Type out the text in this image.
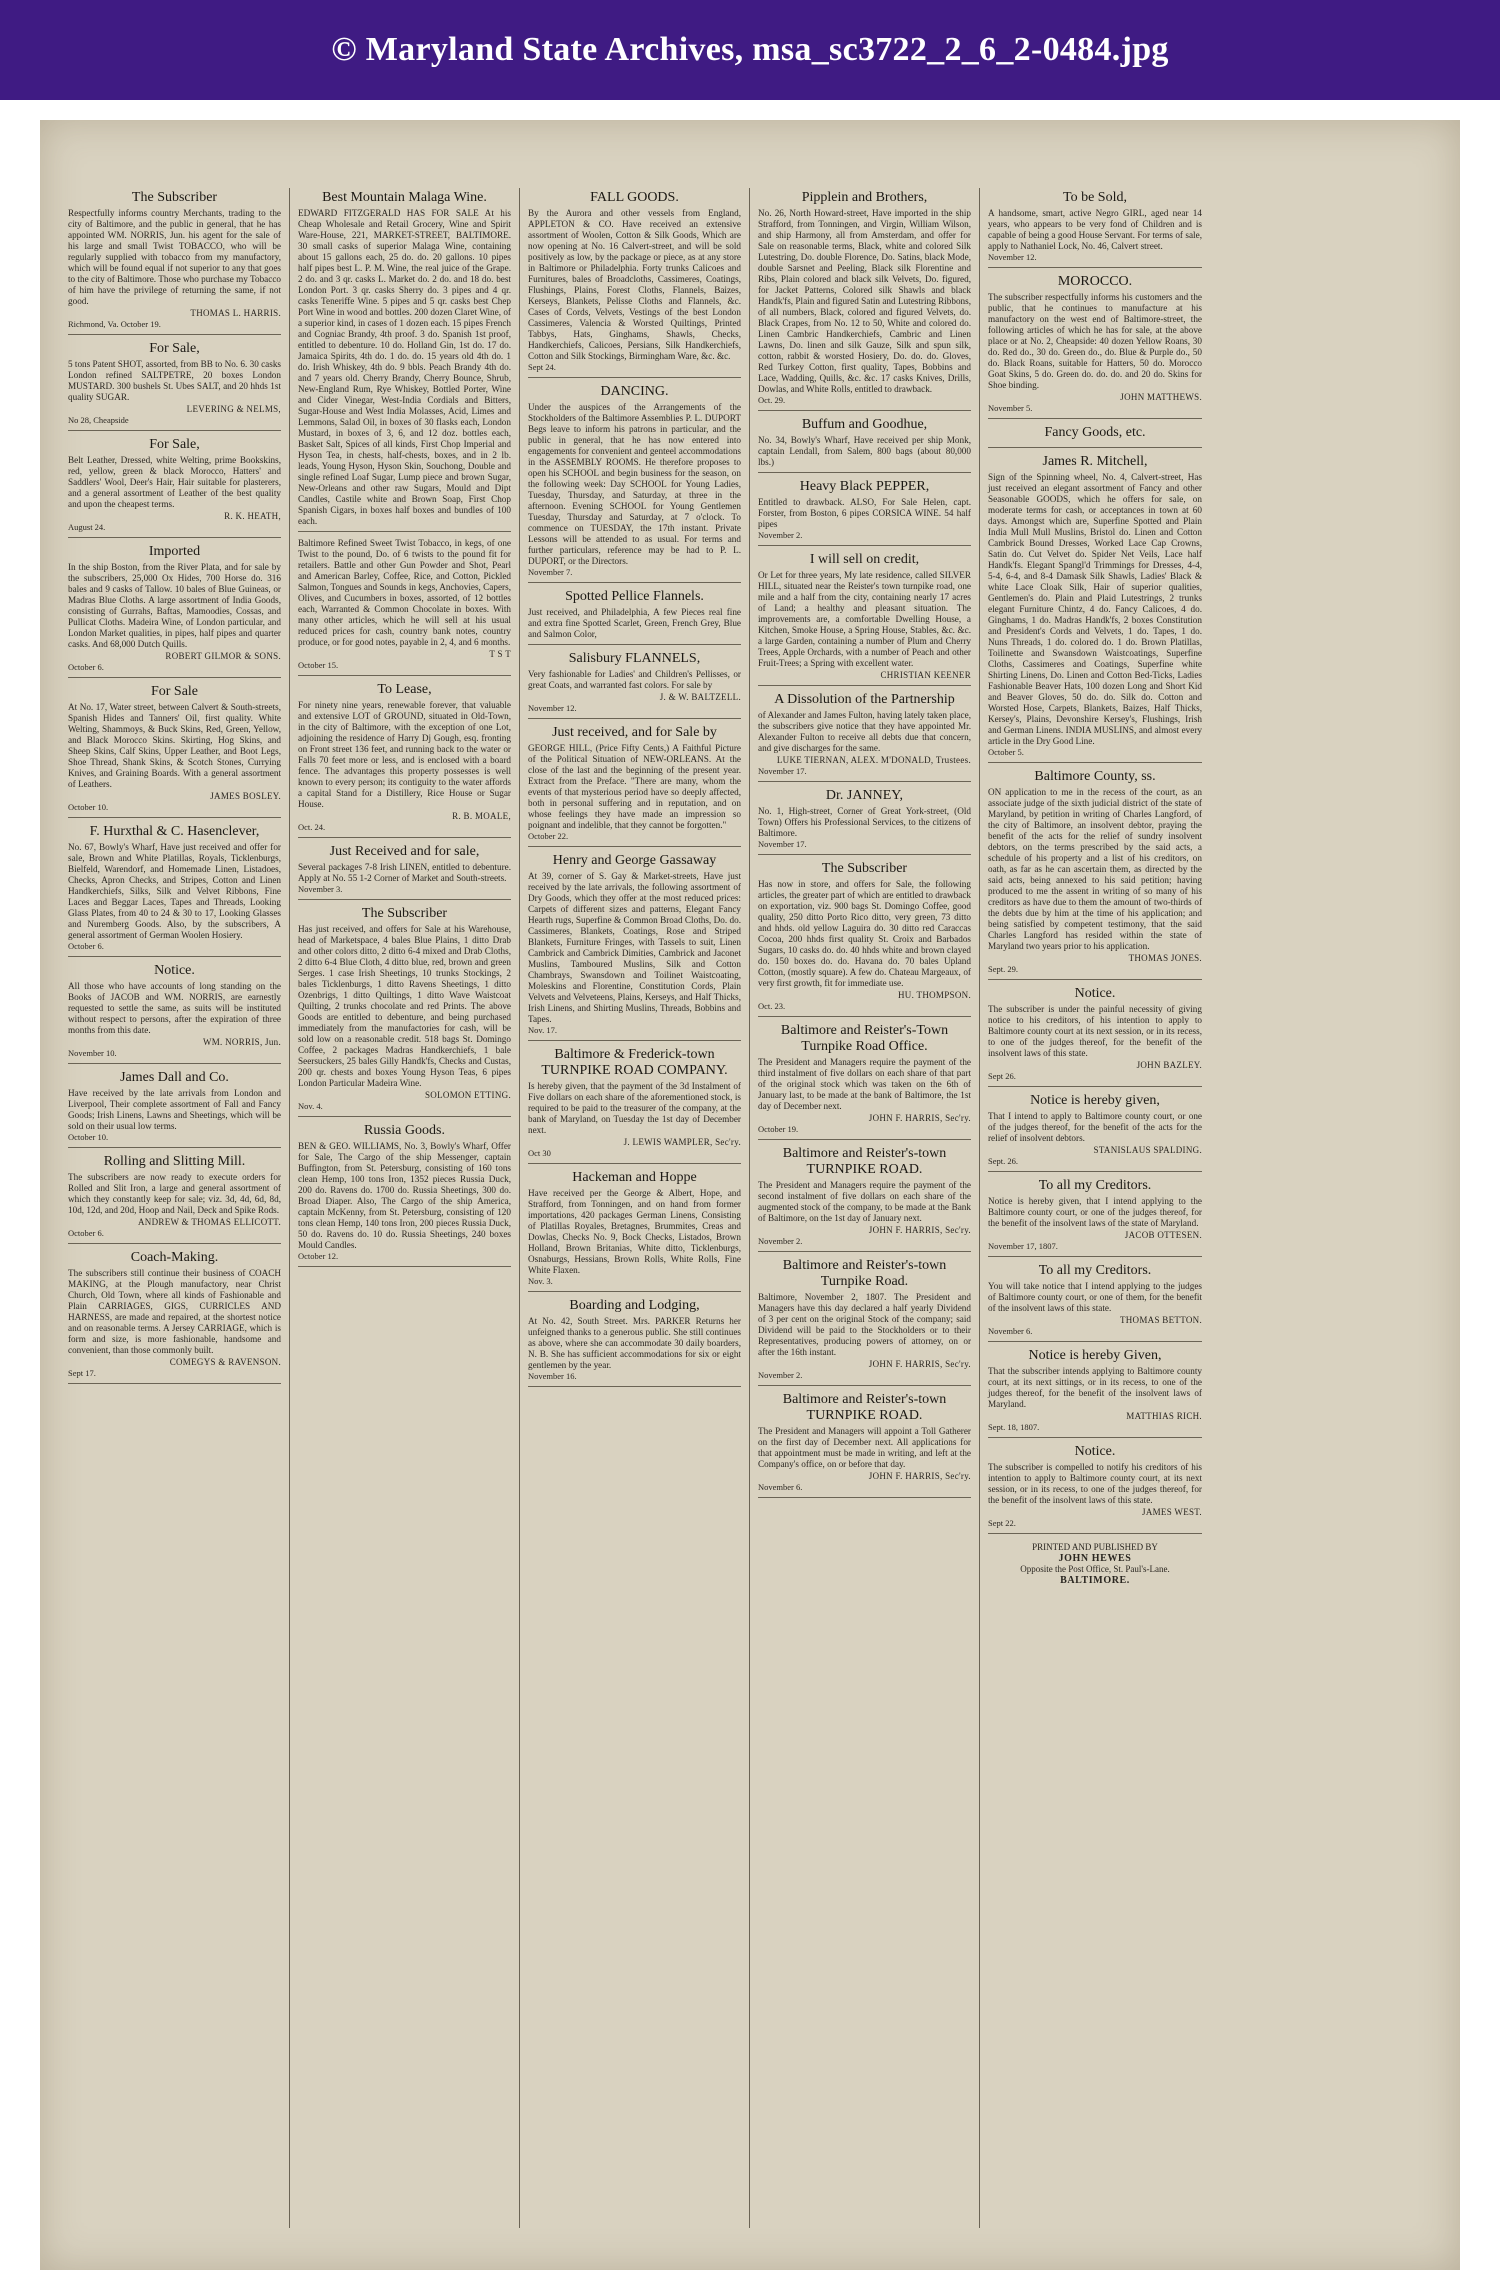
© Maryland State Archives, msa_sc3722_2_6_2-0484.jpg

The Subscriber

Respectfully informs country Merchants, trading to the city of Baltimore, and the public in general, that he has appointed WM. NORRIS, Jun. his agent for the sale of his large and small Twist TOBACCO, who will be regularly supplied with tobacco from my manufactory, which will be found equal if not superior to any that goes to the city of Baltimore. Those who purchase my Tobacco of him have the privilege of returning the same, if not good.

THOMAS L. HARRIS.

Richmond, Va. October 19.

For Sale,

5 tons Patent SHOT, assorted, from BB to No. 6. 30 casks London refined SALTPETRE, 20 boxes London MUSTARD. 300 bushels St. Ubes SALT, and 20 hhds 1st quality SUGAR.

LEVERING & NELMS,

No 28, Cheapside

For Sale,

Belt Leather, Dressed, white Welting, prime Bookskins, red, yellow, green & black Morocco, Hatters' and Saddlers' Wool, Deer's Hair, Hair suitable for plasterers, and a general assortment of Leather of the best quality and upon the cheapest terms.

R. K. HEATH,

August 24.

Imported

In the ship Boston, from the River Plata, and for sale by the subscribers, 25,000 Ox Hides, 700 Horse do. 316 bales and 9 casks of Tallow. 10 bales of Blue Guineas, or Madras Blue Cloths. A large assortment of India Goods, consisting of Gurrahs, Baftas, Mamoodies, Cossas, and Pullicat Cloths. Madeira Wine, of London particular, and London Market qualities, in pipes, half pipes and quarter casks. And 68,000 Dutch Quills.

ROBERT GILMOR & SONS.

October 6.

For Sale

At No. 17, Water street, between Calvert & South-streets, Spanish Hides and Tanners' Oil, first quality. White Welting, Shammoys, & Buck Skins, Red, Green, Yellow, and Black Morocco Skins. Skirting, Hog Skins, and Sheep Skins, Calf Skins, Upper Leather, and Boot Legs, Shoe Thread, Shank Skins, & Scotch Stones, Currying Knives, and Graining Boards. With a general assortment of Leathers.

JAMES BOSLEY.

October 10.

F. Hurxthal & C. Hasenclever,

No. 67, Bowly's Wharf, Have just received and offer for sale, Brown and White Platillas, Royals, Ticklenburgs, Bielfeld, Warendorf, and Homemade Linen, Listadoes, Checks, Apron Checks, and Stripes, Cotton and Linen Handkerchiefs, Silks, Silk and Velvet Ribbons, Fine Laces and Beggar Laces, Tapes and Threads, Looking Glass Plates, from 40 to 24 & 30 to 17, Looking Glasses and Nuremberg Goods. Also, by the subscribers, A general assortment of German Woolen Hosiery.

October 6.

Notice.

All those who have accounts of long standing on the Books of JACOB and WM. NORRIS, are earnestly requested to settle the same, as suits will be instituted without respect to persons, after the expiration of three months from this date.

WM. NORRIS, Jun.

November 10.

James Dall and Co.

Have received by the late arrivals from London and Liverpool, Their complete assortment of Fall and Fancy Goods; Irish Linens, Lawns and Sheetings, which will be sold on their usual low terms.

October 10.

Rolling and Slitting Mill.

The subscribers are now ready to execute orders for Rolled and Slit Iron, a large and general assortment of which they constantly keep for sale; viz. 3d, 4d, 6d, 8d, 10d, 12d, and 20d, Hoop and Nail, Deck and Spike Rods.

ANDREW & THOMAS ELLICOTT.

October 6.

Coach-Making.

The subscribers still continue their business of COACH MAKING, at the Plough manufactory, near Christ Church, Old Town, where all kinds of Fashionable and Plain CARRIAGES, GIGS, CURRICLES AND HARNESS, are made and repaired, at the shortest notice and on reasonable terms. A Jersey CARRIAGE, which is form and size, is more fashionable, handsome and convenient, than those commonly built.

COMEGYS & RAVENSON.

Sept 17.

Best Mountain Malaga Wine.

EDWARD FITZGERALD HAS FOR SALE At his Cheap Wholesale and Retail Grocery, Wine and Spirit Ware-House, 221, MARKET-STREET, BALTIMORE. 30 small casks of superior Malaga Wine, containing about 15 gallons each, 25 do. do. 20 gallons. 10 pipes half pipes best L. P. M. Wine, the real juice of the Grape. 2 do. and 3 qr. casks L. Market do. 2 do. and 18 do. best London Port. 3 qr. casks Sherry do. 3 pipes and 4 qr. casks Teneriffe Wine. 5 pipes and 5 qr. casks best Chep Port Wine in wood and bottles. 200 dozen Claret Wine, of a superior kind, in cases of 1 dozen each. 15 pipes French and Cogniac Brandy, 4th proof. 3 do. Spanish 1st proof, entitled to debenture. 10 do. Holland Gin, 1st do. 17 do. Jamaica Spirits, 4th do. 1 do. do. 15 years old 4th do. 1 do. Irish Whiskey, 4th do. 9 bbls. Peach Brandy 4th do. and 7 years old. Cherry Brandy, Cherry Bounce, Shrub, New-England Rum, Rye Whiskey, Bottled Porter, Wine and Cider Vinegar, West-India Cordials and Bitters, Sugar-House and West India Molasses, Acid, Limes and Lemmons, Salad Oil, in boxes of 30 flasks each, London Mustard, in boxes of 3, 6, and 12 doz. bottles each, Basket Salt, Spices of all kinds, First Chop Imperial and Hyson Tea, in chests, half-chests, boxes, and in 2 lb. leads, Young Hyson, Hyson Skin, Souchong, Double and single refined Loaf Sugar, Lump piece and brown Sugar, New-Orleans and other raw Sugars, Mould and Dipt Candles, Castile white and Brown Soap, First Chop Spanish Cigars, in boxes half boxes and bundles of 100 each.

Baltimore Refined Sweet Twist Tobacco, in kegs, of one Twist to the pound, Do. of 6 twists to the pound fit for retailers. Battle and other Gun Powder and Shot, Pearl and American Barley, Coffee, Rice, and Cotton, Pickled Salmon, Tongues and Sounds in kegs, Anchovies, Capers, Olives, and Cucumbers in boxes, assorted, of 12 bottles each, Warranted & Common Chocolate in boxes. With many other articles, which he will sell at his usual reduced prices for cash, country bank notes, country produce, or for good notes, payable in 2, 4, and 6 months.

T S T

October 15.

To Lease,

For ninety nine years, renewable forever, that valuable and extensive LOT of GROUND, situated in Old-Town, in the city of Baltimore, with the exception of one Lot, adjoining the residence of Harry Dj Gough, esq. fronting on Front street 136 feet, and running back to the water or Falls 70 feet more or less, and is enclosed with a board fence. The advantages this property possesses is well known to every person; its contiguity to the water affords a capital Stand for a Distillery, Rice House or Sugar House.

R. B. MOALE,

Oct. 24.

Just Received and for sale,

Several packages 7-8 Irish LINEN, entitled to debenture. Apply at No. 55 1-2 Corner of Market and South-streets.

November 3.

The Subscriber

Has just received, and offers for Sale at his Warehouse, head of Marketspace, 4 bales Blue Plains, 1 ditto Drab and other colors ditto, 2 ditto 6-4 mixed and Drab Cloths, 2 ditto 6-4 Blue Cloth, 4 ditto blue, red, brown and green Serges. 1 case Irish Sheetings, 10 trunks Stockings, 2 bales Ticklenburgs, 1 ditto Ravens Sheetings, 1 ditto Ozenbrigs, 1 ditto Quiltings, 1 ditto Wave Waistcoat Quilting, 2 trunks chocolate and red Prints. The above Goods are entitled to debenture, and being purchased immediately from the manufactories for cash, will be sold low on a reasonable credit. 518 bags St. Domingo Coffee, 2 packages Madras Handkerchiefs, 1 bale Seersuckers, 25 bales Gilly Handk'fs, Checks and Custas, 200 qr. chests and boxes Young Hyson Teas, 6 pipes London Particular Madeira Wine.

SOLOMON ETTING.

Nov. 4.

Russia Goods.

BEN & GEO. WILLIAMS, No. 3, Bowly's Wharf, Offer for Sale, The Cargo of the ship Messenger, captain Buffington, from St. Petersburg, consisting of 160 tons clean Hemp, 100 tons Iron, 1352 pieces Russia Duck, 200 do. Ravens do. 1700 do. Russia Sheetings, 300 do. Broad Diaper. Also, The Cargo of the ship America, captain McKenny, from St. Petersburg, consisting of 120 tons clean Hemp, 140 tons Iron, 200 pieces Russia Duck, 50 do. Ravens do. 10 do. Russia Sheetings, 240 boxes Mould Candles.

October 12.

FALL GOODS.

By the Aurora and other vessels from England, APPLETON & CO. Have received an extensive assortment of Woolen, Cotton & Silk Goods, Which are now opening at No. 16 Calvert-street, and will be sold positively as low, by the package or piece, as at any store in Baltimore or Philadelphia. Forty trunks Calicoes and Furnitures, bales of Broadcloths, Cassimeres, Coatings, Flushings, Plains, Forest Cloths, Flannels, Baizes, Kerseys, Blankets, Pelisse Cloths and Flannels, &c. Cases of Cords, Velvets, Vestings of the best London Cassimeres, Valencia & Worsted Quiltings, Printed Tabbys, Hats, Ginghams, Shawls, Checks, Handkerchiefs, Calicoes, Persians, Silk Handkerchiefs, Cotton and Silk Stockings, Birmingham Ware, &c. &c.

Sept 24.

DANCING.

Under the auspices of the Arrangements of the Stockholders of the Baltimore Assemblies P. L. DUPORT Begs leave to inform his patrons in particular, and the public in general, that he has now entered into engagements for convenient and genteel accommodations in the ASSEMBLY ROOMS. He therefore proposes to open his SCHOOL and begin business for the season, on the following week: Day SCHOOL for Young Ladies, Tuesday, Thursday, and Saturday, at three in the afternoon. Evening SCHOOL for Young Gentlemen Tuesday, Thursday and Saturday, at 7 o'clock. To commence on TUESDAY, the 17th instant. Private Lessons will be attended to as usual. For terms and further particulars, reference may be had to P. L. DUPORT, or the Directors.

November 7.

Spotted Pellice Flannels.

Just received, and Philadelphia, A few Pieces real fine and extra fine Spotted Scarlet, Green, French Grey, Blue and Salmon Color,

Salisbury FLANNELS,

Very fashionable for Ladies' and Children's Pellisses, or great Coats, and warranted fast colors. For sale by

J. & W. BALTZELL.

November 12.

Just received, and for Sale by

GEORGE HILL, (Price Fifty Cents,) A Faithful Picture of the Political Situation of NEW-ORLEANS. At the close of the last and the beginning of the present year. Extract from the Preface. "There are many, whom the events of that mysterious period have so deeply affected, both in personal suffering and in reputation, and on whose feelings they have made an impression so poignant and indelible, that they cannot be forgotten."

October 22.

Henry and George Gassaway

At 39, corner of S. Gay & Market-streets, Have just received by the late arrivals, the following assortment of Dry Goods, which they offer at the most reduced prices: Carpets of different sizes and patterns, Elegant Fancy Hearth rugs, Superfine & Common Broad Cloths, Do. do. Cassimeres, Blankets, Coatings, Rose and Striped Blankets, Furniture Fringes, with Tassels to suit, Linen Cambrick and Cambrick Dimities, Cambrick and Jaconet Muslins, Tamboured Muslins, Silk and Cotton Chambrays, Swansdown and Toilinet Waistcoating, Moleskins and Florentine, Constitution Cords, Plain Velvets and Velveteens, Plains, Kerseys, and Half Thicks, Irish Linens, and Shirting Muslins, Threads, Bobbins and Tapes.

Nov. 17.

Baltimore & Frederick-town TURNPIKE ROAD COMPANY.

Is hereby given, that the payment of the 3d Instalment of Five dollars on each share of the aforementioned stock, is required to be paid to the treasurer of the company, at the bank of Maryland, on Tuesday the 1st day of December next.

J. LEWIS WAMPLER, Sec'ry.

Oct 30

Hackeman and Hoppe

Have received per the George & Albert, Hope, and Strafford, from Tonningen, and on hand from former importations, 420 packages German Linens, Consisting of Platillas Royales, Bretagnes, Brummites, Creas and Dowlas, Checks No. 9, Bock Checks, Listados, Brown Holland, Brown Britanias, White ditto, Ticklenburgs, Osnaburgs, Hessians, Brown Rolls, White Rolls, Fine White Flaxen.

Nov. 3.

Boarding and Lodging,

At No. 42, South Street. Mrs. PARKER Returns her unfeigned thanks to a generous public. She still continues as above, where she can accommodate 30 daily boarders, N. B. She has sufficient accommodations for six or eight gentlemen by the year.

November 16.

Pipplein and Brothers,

No. 26, North Howard-street, Have imported in the ship Strafford, from Tonningen, and Virgin, William Wilson, and ship Harmony, all from Amsterdam, and offer for Sale on reasonable terms, Black, white and colored Silk Lutestring, Do. double Florence, Do. Satins, black Mode, double Sarsnet and Peeling, Black silk Florentine and Ribs, Plain colored and black silk Velvets, Do. figured, for Jacket Patterns, Colored silk Shawls and black Handk'fs, Plain and figured Satin and Lutestring Ribbons, of all numbers, Black, colored and figured Velvets, do. Black Crapes, from No. 12 to 50, White and colored do. Linen Cambric Handkerchiefs, Cambric and Linen Lawns, Do. linen and silk Gauze, Silk and spun silk, cotton, rabbit & worsted Hosiery, Do. do. do. Gloves, Red Turkey Cotton, first quality, Tapes, Bobbins and Lace, Wadding, Quills, &c. &c. 17 casks Knives, Drills, Dowlas, and White Rolls, entitled to drawback.

Oct. 29.

Buffum and Goodhue,

No. 34, Bowly's Wharf, Have received per ship Monk, captain Lendall, from Salem, 800 bags (about 80,000 lbs.)

Heavy Black PEPPER,

Entitled to drawback. ALSO, For Sale Helen, capt. Forster, from Boston, 6 pipes CORSICA WINE. 54 half pipes

November 2.

I will sell on credit,

Or Let for three years, My late residence, called SILVER HILL, situated near the Reister's town turnpike road, one mile and a half from the city, containing nearly 17 acres of Land; a healthy and pleasant situation. The improvements are, a comfortable Dwelling House, a Kitchen, Smoke House, a Spring House, Stables, &c. &c. a large Garden, containing a number of Plum and Cherry Trees, Apple Orchards, with a number of Peach and other Fruit-Trees; a Spring with excellent water.

CHRISTIAN KEENER

A Dissolution of the Partnership

of Alexander and James Fulton, having lately taken place, the subscribers give notice that they have appointed Mr. Alexander Fulton to receive all debts due that concern, and give discharges for the same.

LUKE TIERNAN, ALEX. M'DONALD, Trustees.

November 17.

Dr. JANNEY,

No. 1, High-street, Corner of Great York-street, (Old Town) Offers his Professional Services, to the citizens of Baltimore.

November 17.

The Subscriber

Has now in store, and offers for Sale, the following articles, the greater part of which are entitled to drawback on exportation, viz. 900 bags St. Domingo Coffee, good quality, 250 ditto Porto Rico ditto, very green, 73 ditto and hhds. old yellow Laguira do. 30 ditto red Caraccas Cocoa, 200 hhds first quality St. Croix and Barbados Sugars, 10 casks do. do. 40 hhds white and brown clayed do. 150 boxes do. do. Havana do. 70 bales Upland Cotton, (mostly square). A few do. Chateau Margeaux, of very first growth, fit for immediate use.

HU. THOMPSON.

Oct. 23.

Baltimore and Reister's-Town Turnpike Road Office.

The President and Managers require the payment of the third instalment of five dollars on each share of that part of the original stock which was taken on the 6th of January last, to be made at the bank of Baltimore, the 1st day of December next.

JOHN F. HARRIS, Sec'ry.

October 19.

Baltimore and Reister's-town TURNPIKE ROAD.

The President and Managers require the payment of the second instalment of five dollars on each share of the augmented stock of the company, to be made at the Bank of Baltimore, on the 1st day of January next.

JOHN F. HARRIS, Sec'ry.

November 2.

Baltimore and Reister's-town Turnpike Road.

Baltimore, November 2, 1807. The President and Managers have this day declared a half yearly Dividend of 3 per cent on the original Stock of the company; said Dividend will be paid to the Stockholders or to their Representatives, producing powers of attorney, on or after the 16th instant.

JOHN F. HARRIS, Sec'ry.

November 2.

Baltimore and Reister's-town TURNPIKE ROAD.

The President and Managers will appoint a Toll Gatherer on the first day of December next. All applications for that appointment must be made in writing, and left at the Company's office, on or before that day.

JOHN F. HARRIS, Sec'ry.

November 6.

To be Sold,

A handsome, smart, active Negro GIRL, aged near 14 years, who appears to be very fond of Children and is capable of being a good House Servant. For terms of sale, apply to Nathaniel Lock, No. 46, Calvert street.

November 12.

MOROCCO.

The subscriber respectfully informs his customers and the public, that he continues to manufacture at his manufactory on the west end of Baltimore-street, the following articles of which he has for sale, at the above place or at No. 2, Cheapside: 40 dozen Yellow Roans, 30 do. Red do., 30 do. Green do., do. Blue & Purple do., 50 do. Black Roans, suitable for Hatters, 50 do. Morocco Goat Skins, 5 do. Green do. do. do. and 20 do. Skins for Shoe binding.

JOHN MATTHEWS.

November 5.

Fancy Goods, etc.

James R. Mitchell,

Sign of the Spinning wheel, No. 4, Calvert-street, Has just received an elegant assortment of Fancy and other Seasonable GOODS, which he offers for sale, on moderate terms for cash, or acceptances in town at 60 days. Amongst which are, Superfine Spotted and Plain India Mull Mull Muslins, Bristol do. Linen and Cotton Cambrick Bound Dresses, Worked Lace Cap Crowns, Satin do. Cut Velvet do. Spider Net Veils, Lace half Handk'fs. Elegant Spangl'd Trimmings for Dresses, 4-4, 5-4, 6-4, and 8-4 Damask Silk Shawls, Ladies' Black & white Lace Cloak Silk, Hair of superior qualities, Gentlemen's do. Plain and Plaid Lutestrings, 2 trunks elegant Furniture Chintz, 4 do. Fancy Calicoes, 4 do. Ginghams, 1 do. Madras Handk'fs, 2 boxes Constitution and President's Cords and Velvets, 1 do. Tapes, 1 do. Nuns Threads, 1 do. colored do. 1 do. Brown Platillas, Toilinette and Swansdown Waistcoatings, Superfine Cloths, Cassimeres and Coatings, Superfine white Shirting Linens, Do. Linen and Cotton Bed-Ticks, Ladies Fashionable Beaver Hats, 100 dozen Long and Short Kid and Beaver Gloves, 50 do. do. Silk do. Cotton and Worsted Hose, Carpets, Blankets, Baizes, Half Thicks, Kersey's, Plains, Devonshire Kersey's, Flushings, Irish and German Linens. INDIA MUSLINS, and almost every article in the Dry Good Line.

October 5.

Baltimore County, ss.

ON application to me in the recess of the court, as an associate judge of the sixth judicial district of the state of Maryland, by petition in writing of Charles Langford, of the city of Baltimore, an insolvent debtor, praying the benefit of the acts for the relief of sundry insolvent debtors, on the terms prescribed by the said acts, a schedule of his property and a list of his creditors, on oath, as far as he can ascertain them, as directed by the said acts, being annexed to his said petition; having produced to me the assent in writing of so many of his creditors as have due to them the amount of two-thirds of the debts due by him at the time of his application; and being satisfied by competent testimony, that the said Charles Langford has resided within the state of Maryland two years prior to his application.

THOMAS JONES.

Sept. 29.

Notice.

The subscriber is under the painful necessity of giving notice to his creditors, of his intention to apply to Baltimore county court at its next session, or in its recess, to one of the judges thereof, for the benefit of the insolvent laws of this state.

JOHN BAZLEY.

Sept 26.

Notice is hereby given,

That I intend to apply to Baltimore county court, or one of the judges thereof, for the benefit of the acts for the relief of insolvent debtors.

STANISLAUS SPALDING.

Sept. 26.

To all my Creditors.

Notice is hereby given, that I intend applying to the Baltimore county court, or one of the judges thereof, for the benefit of the insolvent laws of the state of Maryland.

JACOB OTTESEN.

November 17, 1807.

To all my Creditors.

You will take notice that I intend applying to the judges of Baltimore county court, or one of them, for the benefit of the insolvent laws of this state.

THOMAS BETTON.

November 6.

Notice is hereby Given,

That the subscriber intends applying to Baltimore county court, at its next sittings, or in its recess, to one of the judges thereof, for the benefit of the insolvent laws of Maryland.

MATTHIAS RICH.

Sept. 18, 1807.

Notice.

The subscriber is compelled to notify his creditors of his intention to apply to Baltimore county court, at its next session, or in its recess, to one of the judges thereof, for the benefit of the insolvent laws of this state.

JAMES WEST.

Sept 22.

PRINTED AND PUBLISHED BY
JOHN HEWES
Opposite the Post Office, St. Paul's-Lane.
BALTIMORE.
